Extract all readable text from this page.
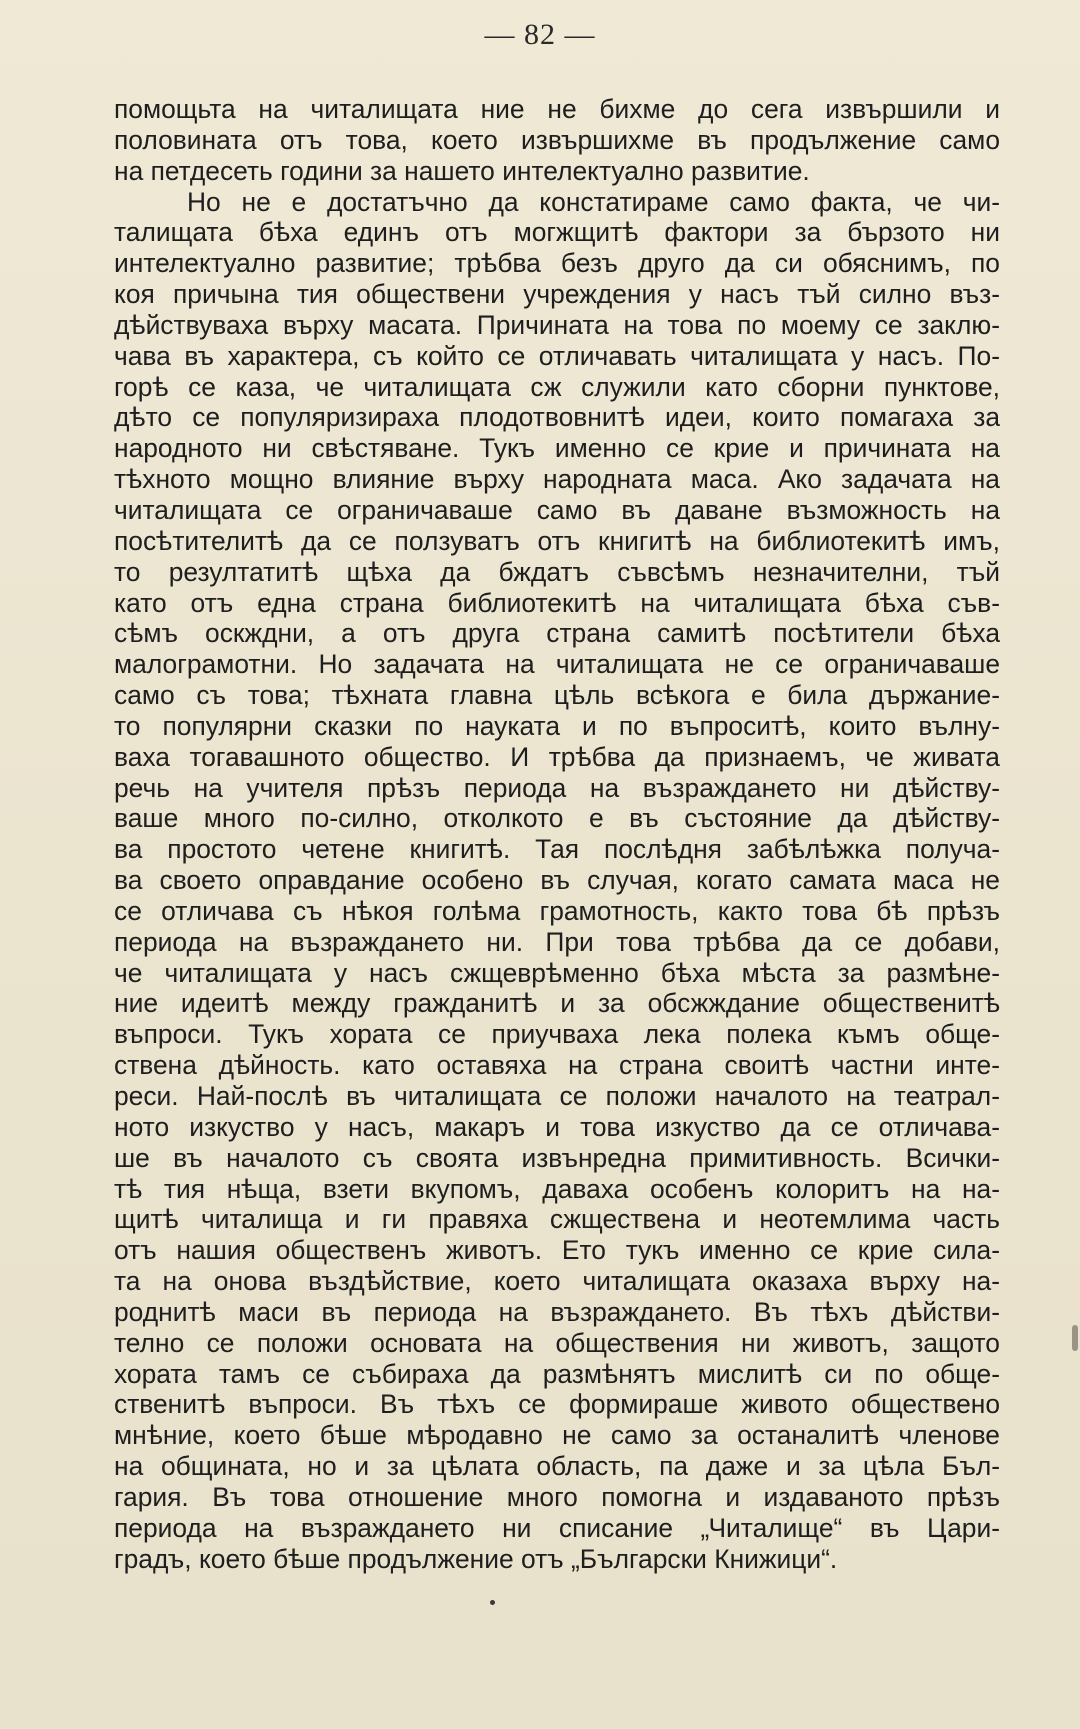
— 82 —
помощьта на читалищата ние не бихме до сега извършили и
половината отъ това, което извършихме въ продължение само
на петдесеть години за нашето интелектуално развитие.
Но не е достатъчно да констатираме само факта, че чи-
талищата бѣха единъ отъ могжщитѣ фактори за бързото ни
интелектуално развитие; трѣбва безъ друго да си обяснимъ, по
коя причына тия обществени учреждения у насъ тъй силно въз-
дѣйствуваха върху масата. Причината на това по моему се заклю-
чава въ характера, съ който се отличавать читалищата у насъ. По-
горѣ се каза, че читалищата сж служили като сборни пунктове,
дѣто се популяризираха плодотвовнитѣ идеи, които помагаха за
народното ни свѣстяване. Тукъ именно се крие и причината на
тѣхното мощно влияние върху народната маса. Ако задачата на
читалищата се ограничаваше само въ даване възможность на
посѣтителитѣ да се ползуватъ отъ книгитѣ на библиотекитѣ имъ,
то резултатитѣ щѣха да бждатъ съвсѣмъ незначителни, тъй
като отъ една страна библиотекитѣ на читалищата бѣха съв-
сѣмъ оскждни, а отъ друга страна самитѣ посѣтители бѣха
малограмотни. Но задачата на читалищата не се ограничаваше
само съ това; тѣхната главна цѣль всѣкога е била държание-
то популярни сказки по науката и по въпроситѣ, които вълну-
ваха тогавашното общество. И трѣбва да признаемъ, че живата
речь на учителя прѣзъ периода на възраждането ни дѣйству-
ваше много по-силно, отколкото е въ състояние да дѣйству-
ва простото четене книгитѣ. Тая послѣдня забѣлѣжка получа-
ва своето оправдание особено въ случая, когато самата маса не
се отличава съ нѣкоя голѣма грамотность, както това бѣ прѣзъ
периода на възраждането ни. При това трѣбва да се добави,
че читалищата у насъ сжщеврѣменно бѣха мѣста за размѣне-
ние идеитѣ между гражданитѣ и за обсжждание общественитѣ
въпроси. Тукъ хората се приучваха лека полека къмъ обще-
ствена дѣйность. като оставяха на страна своитѣ частни инте-
реси. Най-послѣ въ читалищата се положи началото на театрал-
ното изкуство у насъ, макаръ и това изкуство да се отличава-
ше въ началото съ своята извънредна примитивность. Всички-
тѣ тия нѣща, взети вкупомъ, даваха особенъ колоритъ на на-
щитѣ читалища и ги правяха сжществена и неотемлима часть
отъ нашия общественъ животъ. Ето тукъ именно се крие сила-
та на онова въздѣйствие, което читалищата оказаха върху на-
роднитѣ маси въ периода на възраждането. Въ тѣхъ дѣйстви-
телно се положи основата на обществения ни животъ, защото
хората тамъ се събираха да размѣнятъ мислитѣ си по обще-
ственитѣ въпроси. Въ тѣхъ се формираше живото обществено
мнѣние, което бѣше мѣродавно не само за останалитѣ членове
на общината, но и за цѣлата область, па даже и за цѣла Бъл-
гария. Въ това отношение много помогна и издаваното прѣзъ
периода на възраждането ни списание „Читалище“ въ Цари-
градъ, което бѣше продължение отъ „Български Книжици“.
